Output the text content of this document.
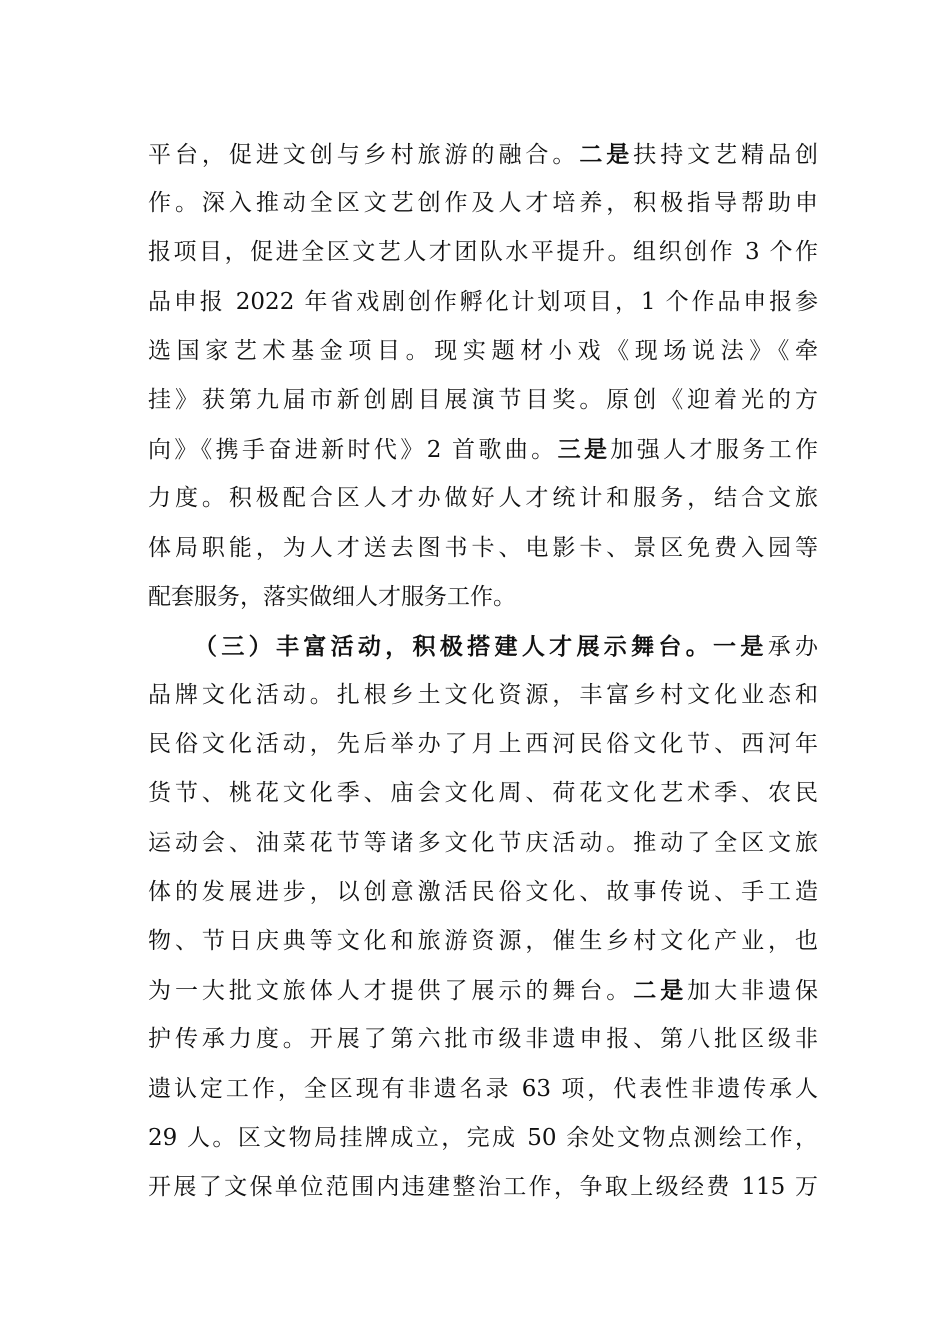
平台，促进文创与乡村旅游的融合。二是扶持文艺精品创
作。深入推动全区文艺创作及人才培养，积极指导帮助申
报项目，促进全区文艺人才团队水平提升。组织创作 3 个作
品申报 2022 年省戏剧创作孵化计划项目，1 个作品申报参
选国家艺术基金项目。现实题材小戏《现场说法》《牵
挂》获第九届市新创剧目展演节目奖。原创《迎着光的方
向》《携手奋进新时代》2 首歌曲。三是加强人才服务工作
力度。积极配合区人才办做好人才统计和服务，结合文旅
体局职能，为人才送去图书卡、电影卡、景区免费入园等
配套服务，落实做细人才服务工作。
（三）丰富活动，积极搭建人才展示舞台。一是承办
品牌文化活动。扎根乡土文化资源，丰富乡村文化业态和
民俗文化活动，先后举办了月上西河民俗文化节、西河年
货节、桃花文化季、庙会文化周、荷花文化艺术季、农民
运动会、油菜花节等诸多文化节庆活动。推动了全区文旅
体的发展进步，以创意激活民俗文化、故事传说、手工造
物、节日庆典等文化和旅游资源，催生乡村文化产业，也
为一大批文旅体人才提供了展示的舞台。二是加大非遗保
护传承力度。开展了第六批市级非遗申报、第八批区级非
遗认定工作，全区现有非遗名录 63 项，代表性非遗传承人
29 人。区文物局挂牌成立，完成 50 余处文物点测绘工作，
开展了文保单位范围内违建整治工作，争取上级经费 115 万
